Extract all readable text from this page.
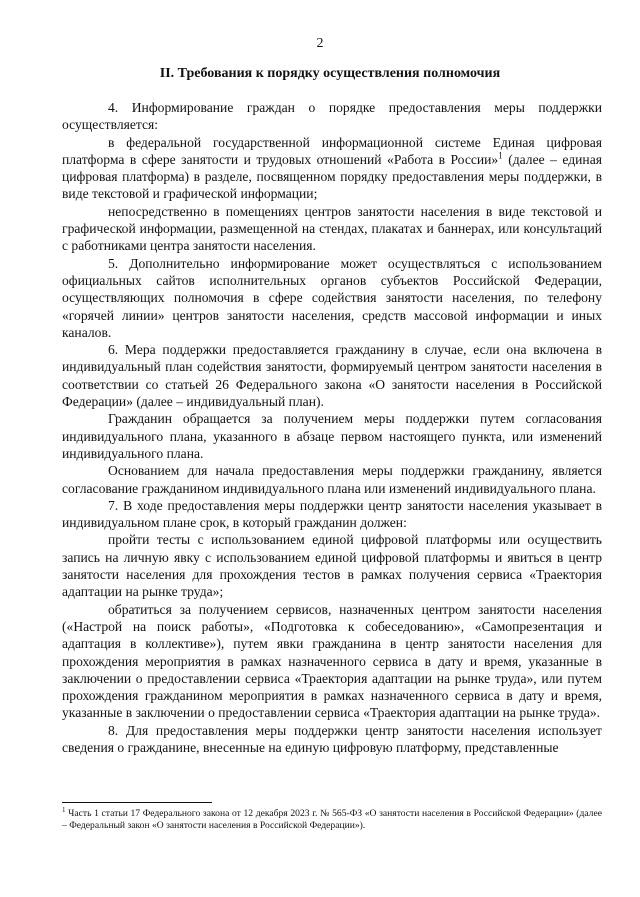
2
II. Требования к порядку осуществления полномочия

4. Информирование граждан о порядке предоставления меры поддержки осуществляется:

в федеральной государственной информационной системе Единая цифровая платформа в сфере занятости и трудовых отношений «Работа в России»$^1$ (далее – единая цифровая платформа) в разделе, посвященном порядку предоставления меры поддержки, в виде текстовой и графической информации;

непосредственно в помещениях центров занятости населения в виде текстовой и графической информации, размещенной на стендах, плакатах и баннерах, или консультаций с работниками центра занятости населения.

5. Дополнительно информирование может осуществляться с использованием официальных сайтов исполнительных органов субъектов Российской Федерации, осуществляющих полномочия в сфере содействия занятости населения, по телефону «горячей линии» центров занятости населения, средств массовой информации и иных каналов.

6. Мера поддержки предоставляется гражданину в случае, если она включена в индивидуальный план содействия занятости, формируемый центром занятости населения в соответствии со статьей 26 Федерального закона «О занятости населения в Российской Федерации» (далее – индивидуальный план).

Гражданин обращается за получением меры поддержки путем согласования индивидуального плана, указанного в абзаце первом настоящего пункта, или изменений индивидуального плана.

Основанием для начала предоставления меры поддержки гражданину, является согласование гражданином индивидуального плана или изменений индивидуального плана.

7. В ходе предоставления меры поддержки центр занятости населения указывает в индивидуальном плане срок, в который гражданин должен:

пройти тесты с использованием единой цифровой платформы или осуществить запись на личную явку с использованием единой цифровой платформы и явиться в центр занятости населения для прохождения тестов в рамках получения сервиса «Траектория адаптации на рынке труда»;

обратиться за получением сервисов, назначенных центром занятости населения («Настрой на поиск работы», «Подготовка к собеседованию», «Самопрезентация и адаптация в коллективе»), путем явки гражданина в центр занятости населения для прохождения мероприятия в рамках назначенного сервиса в дату и время, указанные в заключении о предоставлении сервиса «Траектория адаптации на рынке труда», или путем прохождения гражданином мероприятия в рамках назначенного сервиса в дату и время, указанные в заключении о предоставлении сервиса «Траектория адаптации на рынке труда».

8. Для предоставления меры поддержки центр занятости населения использует сведения о гражданине, внесенные на единую цифровую платформу, представленные

$^1$ Часть 1 статьи 17 Федерального закона от 12 декабря 2023 г. № 565-ФЗ «О занятости населения в Российской Федерации» (далее – Федеральный закон «О занятости населения в Российской Федерации»).
